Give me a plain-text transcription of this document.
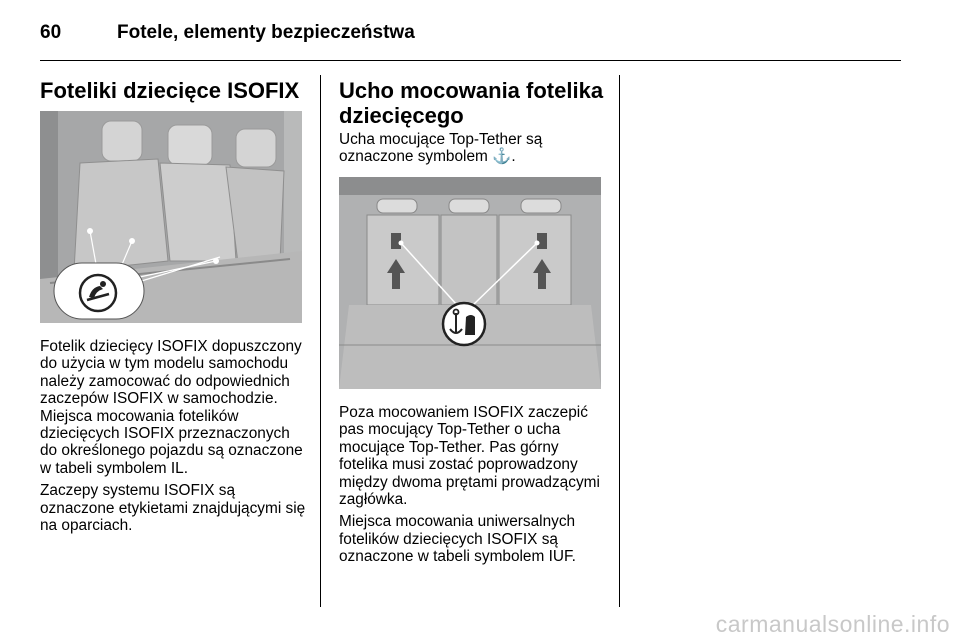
60	Fotele, elementy bezpieczeństwa
Foteliki dziecięce ISOFIX

Fotelik dziecięcy ISOFIX dopuszczony do użycia w tym modelu samochodu należy zamocować do odpowiednich zaczepów ISOFIX w samochodzie. Miejsca mocowania fotelików dziecięcych ISOFIX przeznaczonych do określonego pojazdu są oznaczone w tabeli symbolem IL.

Zaczepy systemu ISOFIX są oznaczone etykietami znajdującymi się na oparciach.

Ucho mocowania fotelika dziecięcego

Ucha mocujące Top-Tether są oznaczone symbolem ⚓.

Poza mocowaniem ISOFIX zaczepić pas mocujący Top-Tether o ucha mocujące Top-Tether. Pas górny fotelika musi zostać poprowadzony między dwoma prętami prowadzącymi zagłówka.

Miejsca mocowania uniwersalnych fotelików dziecięcych ISOFIX są oznaczone w tabeli symbolem IUF.

carmanualsonline.info
